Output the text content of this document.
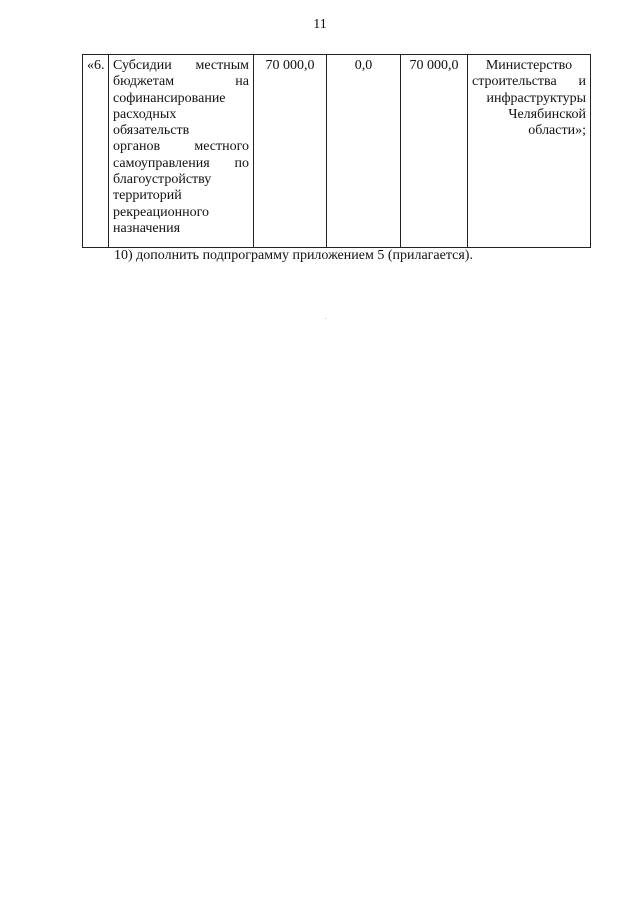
11
«6.	Субсидии местным
бюджетам на
софинансирование
расходных
обязательств
органов местного
самоуправления по
благоустройству
территорий
рекреационного
назначения
	70 000,0	0,0	70 000,0	Министерство
строительства и
инфраструктуры
Челябинской
области»;
10) дополнить подпрограмму приложением 5 (прилагается).
